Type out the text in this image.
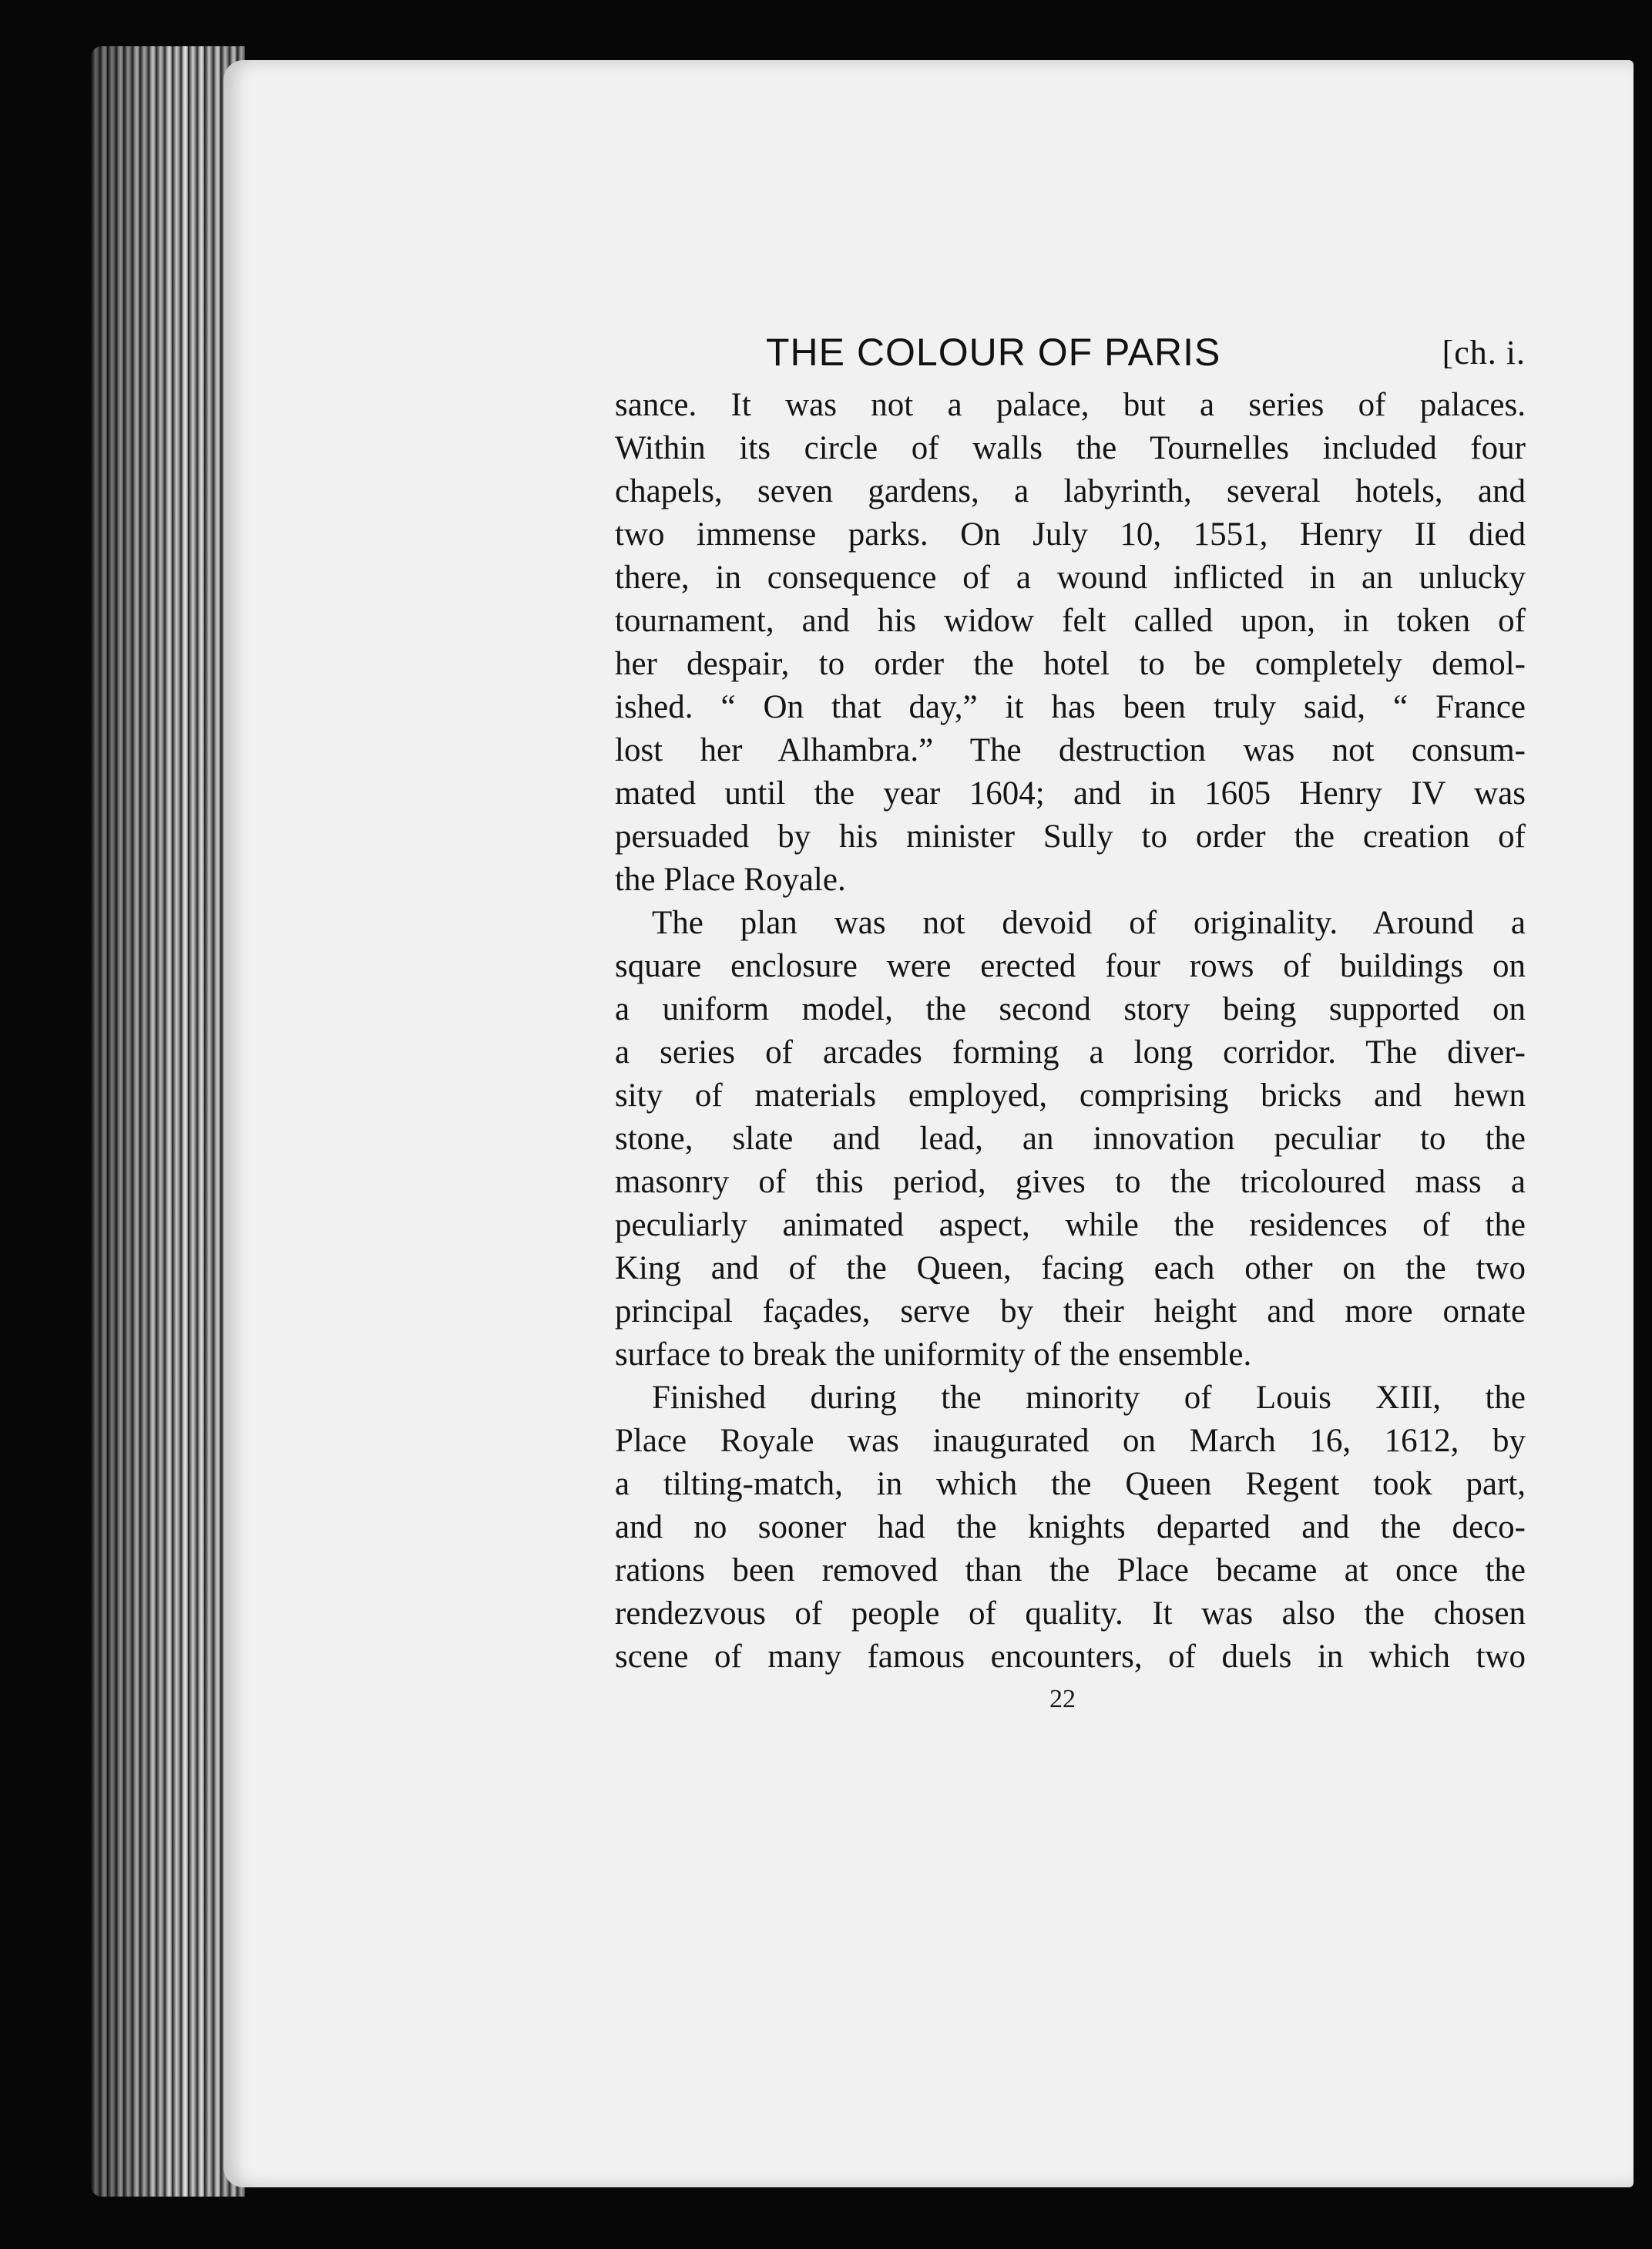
THE COLOUR OF PARIS	[ch. i.
sance. It was not a palace, but a series of palaces.
Within its circle of walls the Tournelles included four
chapels, seven gardens, a labyrinth, several hotels, and
two immense parks. On July 10, 1551, Henry II died
there, in consequence of a wound inflicted in an unlucky
tournament, and his widow felt called upon, in token of
her despair, to order the hotel to be completely demol-
ished. “ On that day,” it has been truly said, “ France
lost her Alhambra.” The destruction was not consum-
mated until the year 1604; and in 1605 Henry IV was
persuaded by his minister Sully to order the creation of
the Place Royale.
The plan was not devoid of originality. Around a
square enclosure were erected four rows of buildings on
a uniform model, the second story being supported on
a series of arcades forming a long corridor. The diver-
sity of materials employed, comprising bricks and hewn
stone, slate and lead, an innovation peculiar to the
masonry of this period, gives to the tricoloured mass a
peculiarly animated aspect, while the residences of the
King and of the Queen, facing each other on the two
principal façades, serve by their height and more ornate
surface to break the uniformity of the ensemble.
Finished during the minority of Louis XIII, the
Place Royale was inaugurated on March 16, 1612, by
a tilting-match, in which the Queen Regent took part,
and no sooner had the knights departed and the deco-
rations been removed than the Place became at once the
rendezvous of people of quality. It was also the chosen
scene of many famous encounters, of duels in which two
22
